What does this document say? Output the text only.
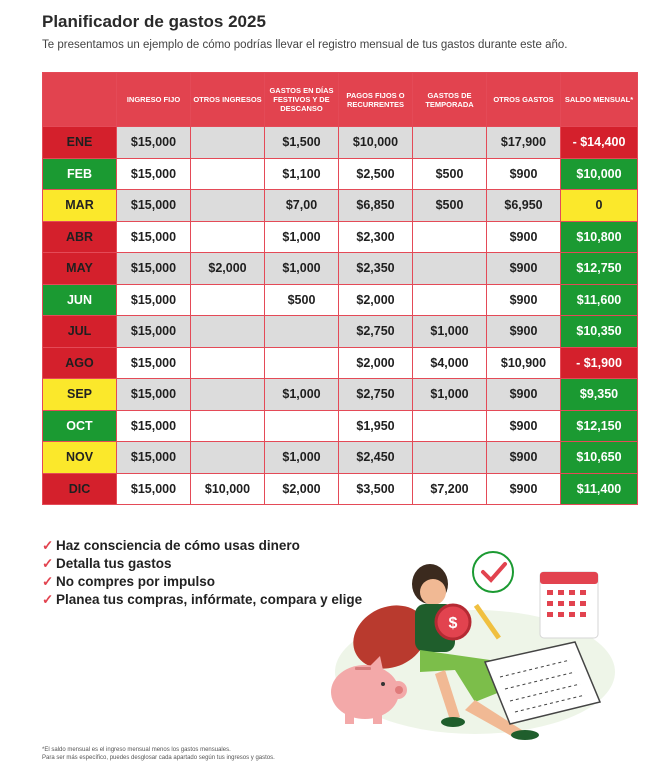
Planificador de gastos 2025
Te presentamos un ejemplo de cómo podrías llevar el registro mensual de tus gastos durante este año.
	INGRESO FIJO	OTROS INGRESOS	GASTOS EN DÍAS FESTIVOS Y DE DESCANSO	PAGOS FIJOS O RECURRENTES	GASTOS DE TEMPORADA	OTROS GASTOS	SALDO MENSUAL*
ENE	$15,000		$1,500	$10,000		$17,900	- $14,400
FEB	$15,000		$1,100	$2,500	$500	$900	$10,000
MAR	$15,000		$7,00	$6,850	$500	$6,950	0
ABR	$15,000		$1,000	$2,300		$900	$10,800
MAY	$15,000	$2,000	$1,000	$2,350		$900	$12,750
JUN	$15,000		$500	$2,000		$900	$11,600
JUL	$15,000			$2,750	$1,000	$900	$10,350
AGO	$15,000			$2,000	$4,000	$10,900	- $1,900
SEP	$15,000		$1,000	$2,750	$1,000	$900	$9,350
OCT	$15,000			$1,950		$900	$12,150
NOV	$15,000		$1,000	$2,450		$900	$10,650
DIC	$15,000	$10,000	$2,000	$3,500	$7,200	$900	$11,400
✓ Haz consciencia de cómo usas dinero
✓ Detalla tus gastos
✓ No compres por impulso
✓ Planea tus compras, infórmate, compara y elige
$
*El saldo mensual es el ingreso mensual menos los gastos mensuales.
Para ser más específico, puedes desglosar cada apartado según tus ingresos y gastos.
